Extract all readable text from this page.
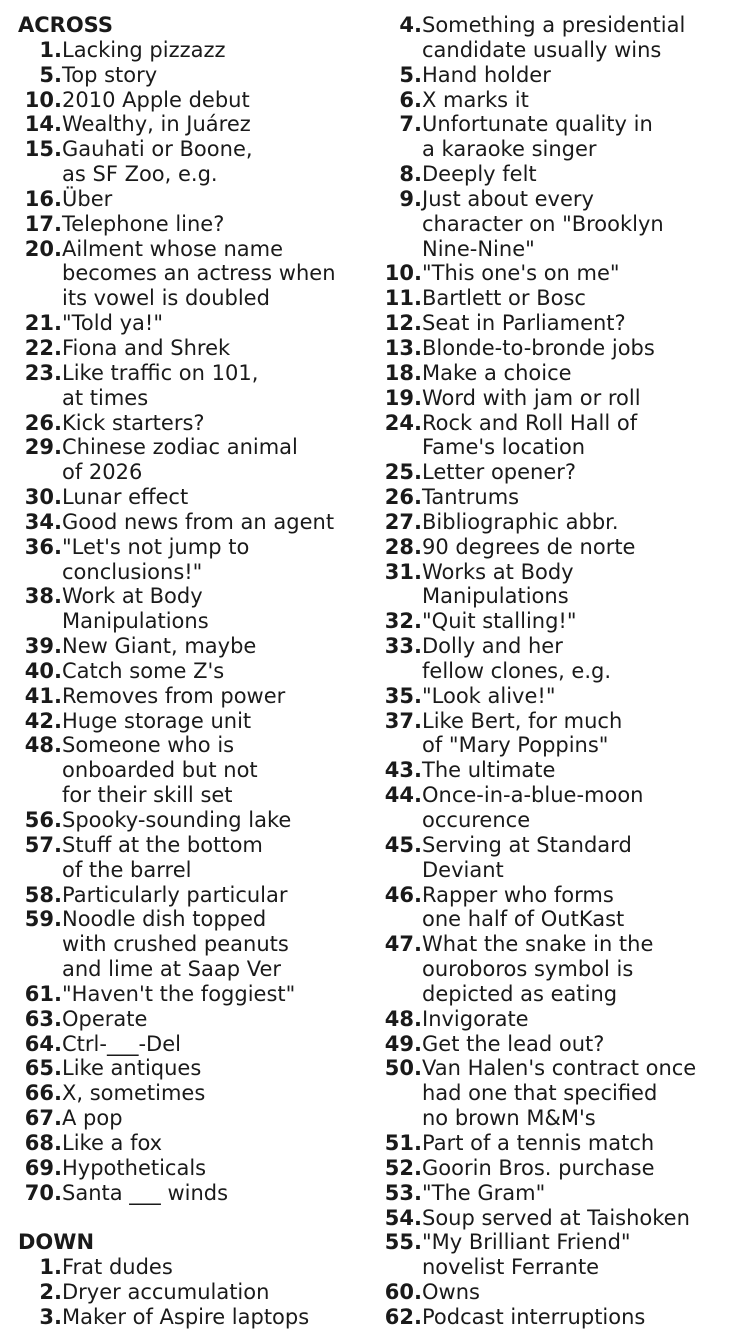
ACROSS
1. Lacking pizzazz
5. Top story
10. 2010 Apple debut
14. Wealthy, in Juárez
15. Gauhati or Boone,
as SF Zoo, e.g.
16. Über
17. Telephone line?
20. Ailment whose name
becomes an actress when
its vowel is doubled
21. "Told ya!"
22. Fiona and Shrek
23. Like traffic on 101,
at times
26. Kick starters?
29. Chinese zodiac animal
of 2026
30. Lunar effect
34. Good news from an agent
36. "Let's not jump to
conclusions!"
38. Work at Body
Manipulations
39. New Giant, maybe
40. Catch some Z's
41. Removes from power
42. Huge storage unit
48. Someone who is
onboarded but not
for their skill set
56. Spooky-sounding lake
57. Stuff at the bottom
of the barrel
58. Particularly particular
59. Noodle dish topped
with crushed peanuts
and lime at Saap Ver
61. "Haven't the foggiest"
63. Operate
64. Ctrl-___-Del
65. Like antiques
66. X, sometimes
67. A pop
68. Like a fox
69. Hypotheticals
70. Santa ___ winds
DOWN
1. Frat dudes
2. Dryer accumulation
3. Maker of Aspire laptops
4. Something a presidential
candidate usually wins
5. Hand holder
6. X marks it
7. Unfortunate quality in
a karaoke singer
8. Deeply felt
9. Just about every
character on "Brooklyn
Nine-Nine"
10. "This one's on me"
11. Bartlett or Bosc
12. Seat in Parliament?
13. Blonde-to-bronde jobs
18. Make a choice
19. Word with jam or roll
24. Rock and Roll Hall of
Fame's location
25. Letter opener?
26. Tantrums
27. Bibliographic abbr.
28. 90 degrees de norte
31. Works at Body
Manipulations
32. "Quit stalling!"
33. Dolly and her
fellow clones, e.g.
35. "Look alive!"
37. Like Bert, for much
of "Mary Poppins"
43. The ultimate
44. Once-in-a-blue-moon
occurence
45. Serving at Standard
Deviant
46. Rapper who forms
one half of OutKast
47. What the snake in the
ouroboros symbol is
depicted as eating
48. Invigorate
49. Get the lead out?
50. Van Halen's contract once
had one that specified
no brown M&M's
51. Part of a tennis match
52. Goorin Bros. purchase
53. "The Gram"
54. Soup served at Taishoken
55. "My Brilliant Friend"
novelist Ferrante
60. Owns
62. Podcast interruptions
